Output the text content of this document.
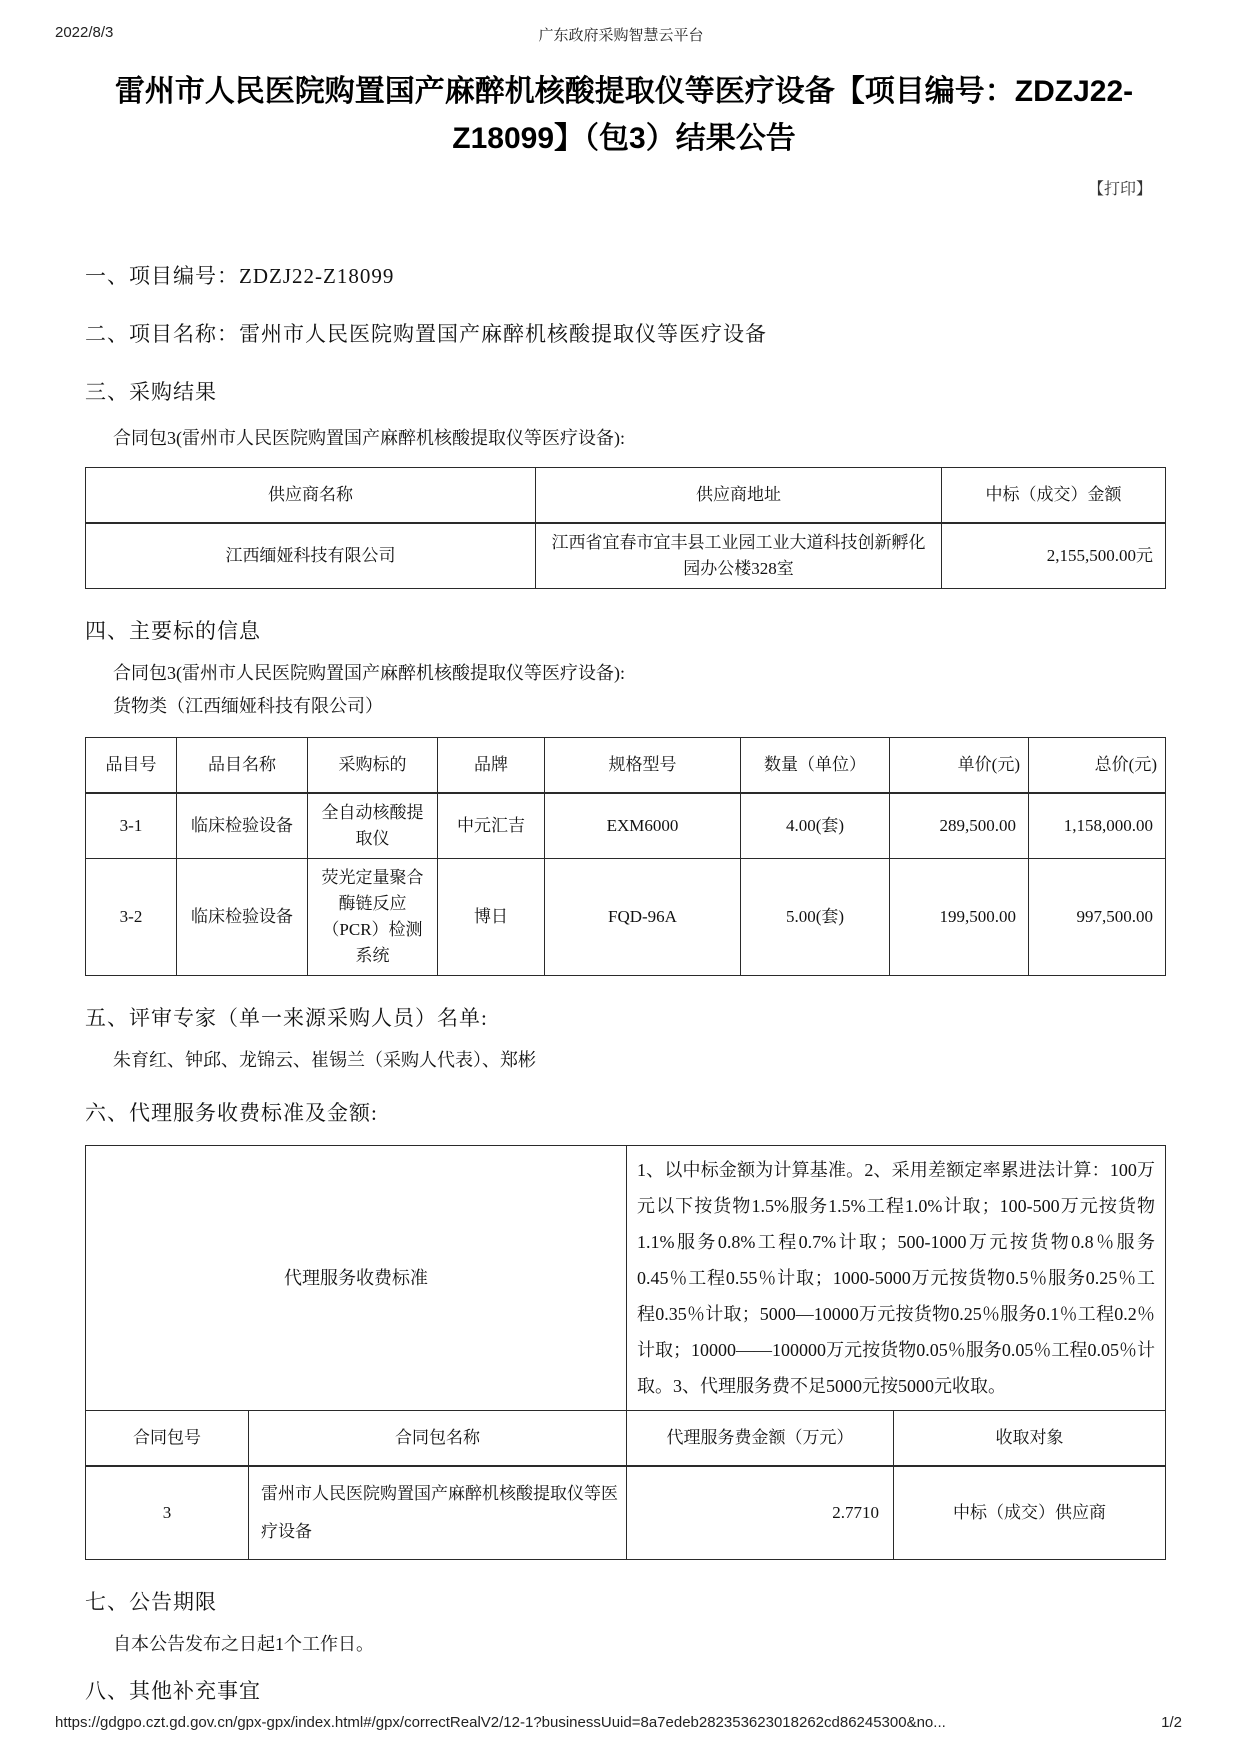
2022/8/3	广东政府采购智慧云平台
雷州市人民医院购置国产麻醉机核酸提取仪等医疗设备【项目编号：ZDZJ22-Z18099】（包3）结果公告
【打印】
一、项目编号：ZDZJ22-Z18099
二、项目名称：雷州市人民医院购置国产麻醉机核酸提取仪等医疗设备
三、采购结果

合同包3(雷州市人民医院购置国产麻醉机核酸提取仪等医疗设备):

供应商名称	供应商地址	中标（成交）金额
江西缅娅科技有限公司	江西省宜春市宜丰县工业园工业大道科技创新孵化园办公楼328室	2,155,500.00元
四、主要标的信息

合同包3(雷州市人民医院购置国产麻醉机核酸提取仪等医疗设备):

货物类（江西缅娅科技有限公司）

品目号	品目名称	采购标的	品牌	规格型号	数量（单位）	单价(元)	总价(元)
3-1	临床检验设备	全自动核酸提取仪	中元汇吉	EXM6000	4.00(套)	289,500.00	1,158,000.00
3-2	临床检验设备	荧光定量聚合酶链反应（PCR）检测系统	博日	FQD-96A	5.00(套)	199,500.00	997,500.00
五、评审专家（单一来源采购人员）名单:

朱育红、钟邱、龙锦云、崔锡兰（采购人代表）、郑彬

六、代理服务收费标准及金额:
代理服务收费标准		1、以中标金额为计算基准。2、采用差额定率累进法计算：100万元以下按货物1.5%服务1.5%工程1.0%计取；100-500万元按货物1.1%服务0.8%工程0.7%计取；500-1000万元按货物0.8％服务0.45％工程0.55％计取；1000-5000万元按货物0.5％服务0.25％工程0.35％计取；5000—10000万元按货物0.25％服务0.1％工程0.2％计取；10000——100000万元按货物0.05％服务0.05％工程0.05％计取。3、代理服务费不足5000元按5000元收取。	
合同包号	合同包名称	代理服务费金额（万元）	收取对象
3	雷州市人民医院购置国产麻醉机核酸提取仪等医疗设备	2.7710	中标（成交）供应商
七、公告期限

自本公告发布之日起1个工作日。

八、其他补充事宜
https://gdgpo.czt.gd.gov.cn/gpx-gpx/index.html#/gpx/correctRealV2/12-1?businessUuid=8a7edeb282353623018262cd86245300&no...	1/2
